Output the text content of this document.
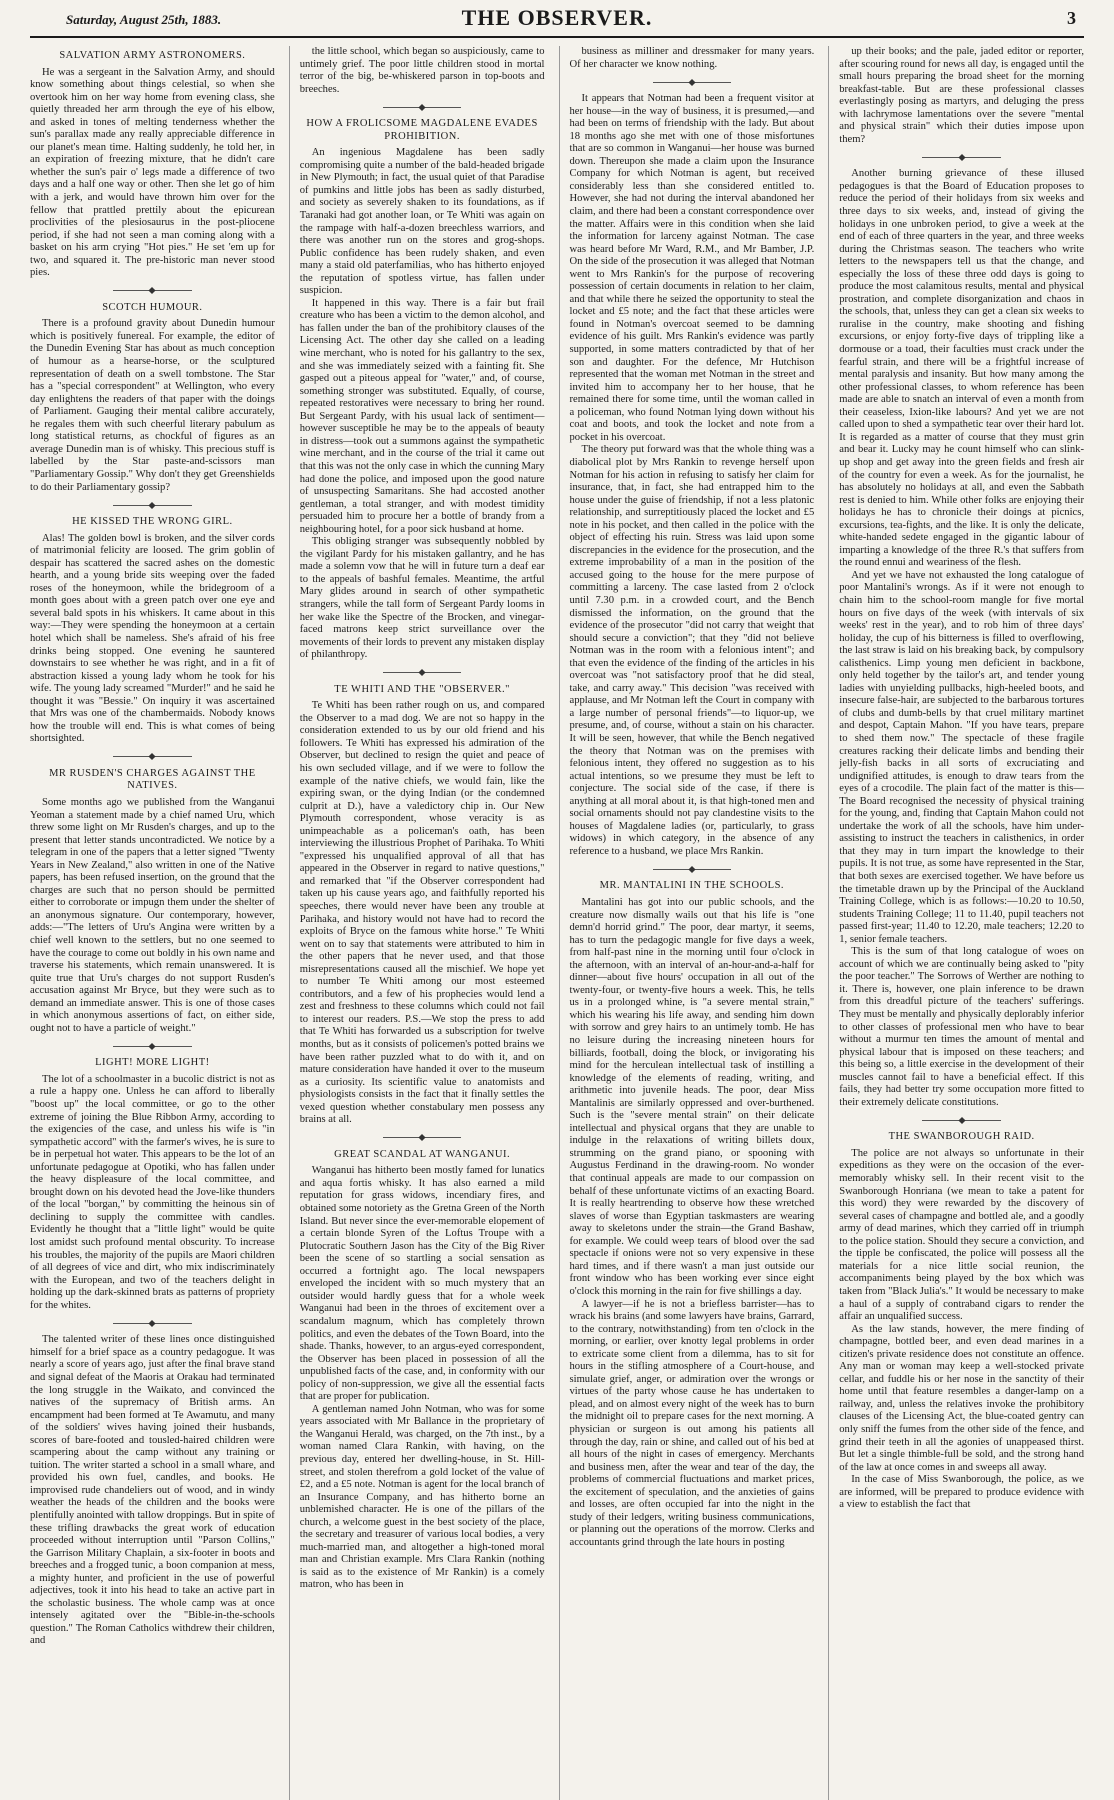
Saturday, August 25th, 1883.	THE OBSERVER.	3
SALVATION ARMY ASTRONOMERS.

He was a sergeant in the Salvation Army, and should know something about things celestial, so when she overtook him on her way home from evening class, she quietly threaded her arm through the eye of his elbow, and asked in tones of melting tenderness whether the sun's parallax made any really appreciable difference in our planet's mean time. Halting suddenly, he told her, in an expiration of freezing mixture, that he didn't care whether the sun's pair o' legs made a difference of two days and a half one way or other. Then she let go of him with a jerk, and would have thrown him over for the fellow that prattled prettily about the epicurean proclivities of the plesiosaurus in the post-pliocene period, if she had not seen a man coming along with a basket on his arm crying "Hot pies." He set 'em up for two, and squared it. The pre-historic man never stood pies.

SCOTCH HUMOUR.

There is a profound gravity about Dunedin humour which is positively funereal. For example, the editor of the Dunedin Evening Star has about as much conception of humour as a hearse-horse, or the sculptured representation of death on a swell tombstone. The Star has a "special correspondent" at Wellington, who every day enlightens the readers of that paper with the doings of Parliament. Gauging their mental calibre accurately, he regales them with such cheerful literary pabulum as long statistical returns, as chockful of figures as an average Dunedin man is of whisky. This precious stuff is labelled by the Star paste-and-scissors man "Parliamentary Gossip." Why don't they get Greenshields to do their Parliamentary gossip?

HE KISSED THE WRONG GIRL.

Alas! The golden bowl is broken, and the silver cords of matrimonial felicity are loosed. The grim goblin of despair has scattered the sacred ashes on the domestic hearth, and a young bride sits weeping over the faded roses of the honeymoon, while the bridegroom of a month goes about with a green patch over one eye and several bald spots in his whiskers. It came about in this way:—They were spending the honeymoon at a certain hotel which shall be nameless. She's afraid of his free drinks being stopped. One evening he sauntered downstairs to see whether he was right, and in a fit of abstraction kissed a young lady whom he took for his wife. The young lady screamed "Murder!" and he said he thought it was "Bessie." On inquiry it was ascertained that Mrs was one of the chambermaids. Nobody knows how the trouble will end. This is what comes of being shortsighted.

MR RUSDEN'S CHARGES AGAINST THE NATIVES.

Some months ago we published from the Wanganui Yeoman a statement made by a chief named Uru, which threw some light on Mr Rusden's charges, and up to the present that letter stands uncontradicted. We notice by a telegram in one of the papers that a letter signed "Twenty Years in New Zealand," also written in one of the Native papers, has been refused insertion, on the ground that the charges are such that no person should be permitted either to corroborate or impugn them under the shelter of an anonymous signature. Our contemporary, however, adds:—"The letters of Uru's Angina were written by a chief well known to the settlers, but no one seemed to have the courage to come out boldly in his own name and traverse his statements, which remain unanswered. It is quite true that Uru's charges do not support Rusden's accusation against Mr Bryce, but they were such as to demand an immediate answer. This is one of those cases in which anonymous assertions of fact, on either side, ought not to have a particle of weight."

LIGHT! MORE LIGHT!

The lot of a schoolmaster in a bucolic district is not as a rule a happy one. Unless he can afford to liberally "boost up" the local committee, or go to the other extreme of joining the Blue Ribbon Army, according to the exigencies of the case, and unless his wife is "in sympathetic accord" with the farmer's wives, he is sure to be in perpetual hot water. This appears to be the lot of an unfortunate pedagogue at Opotiki, who has fallen under the heavy displeasure of the local committee, and brought down on his devoted head the Jove-like thunders of the local "borgan," by committing the heinous sin of declining to supply the committee with candles. Evidently he thought that a "little light" would be quite lost amidst such profound mental obscurity. To increase his troubles, the majority of the pupils are Maori children of all degrees of vice and dirt, who mix indiscriminately with the European, and two of the teachers delight in holding up the dark-skinned brats as patterns of propriety for the whites.

The talented writer of these lines once distinguished himself for a brief space as a country pedagogue. It was nearly a score of years ago, just after the final brave stand and signal defeat of the Maoris at Orakau had terminated the long struggle in the Waikato, and convinced the natives of the supremacy of British arms. An encampment had been formed at Te Awamutu, and many of the soldiers' wives having joined their husbands, scores of bare-footed and tousled-haired children were scampering about the camp without any training or tuition. The writer started a school in a small whare, and provided his own fuel, candles, and books. He improvised rude chandeliers out of wood, and in windy weather the heads of the children and the books were plentifully anointed with tallow droppings. But in spite of these trifling drawbacks the great work of education proceeded without interruption until "Parson Collins," the Garrison Military Chaplain, a six-footer in boots and breeches and a frogged tunic, a boon companion at mess, a mighty hunter, and proficient in the use of powerful adjectives, took it into his head to take an active part in the scholastic business. The whole camp was at once intensely agitated over the "Bible-in-the-schools question." The Roman Catholics withdrew their children, and

the little school, which began so auspiciously, came to untimely grief. The poor little children stood in mortal terror of the big, be-whiskered parson in top-boots and breeches.

HOW A FROLICSOME MAGDALENE EVADES PROHIBITION.

An ingenious Magdalene has been sadly compromising quite a number of the bald-headed brigade in New Plymouth; in fact, the usual quiet of that Paradise of pumkins and little jobs has been as sadly disturbed, and society as severely shaken to its foundations, as if Taranaki had got another loan, or Te Whiti was again on the rampage with half-a-dozen breechless warriors, and there was another run on the stores and grog-shops. Public confidence has been rudely shaken, and even many a staid old paterfamilias, who has hitherto enjoyed the reputation of spotless virtue, has fallen under suspicion.

It happened in this way. There is a fair but frail creature who has been a victim to the demon alcohol, and has fallen under the ban of the prohibitory clauses of the Licensing Act. The other day she called on a leading wine merchant, who is noted for his gallantry to the sex, and she was immediately seized with a fainting fit. She gasped out a piteous appeal for "water," and, of course, something stronger was substituted. Equally, of course, repeated restoratives were necessary to bring her round. But Sergeant Pardy, with his usual lack of sentiment—however susceptible he may be to the appeals of beauty in distress—took out a summons against the sympathetic wine merchant, and in the course of the trial it came out that this was not the only case in which the cunning Mary had done the police, and imposed upon the good nature of unsuspecting Samaritans. She had accosted another gentleman, a total stranger, and with modest timidity persuaded him to procure her a bottle of brandy from a neighbouring hotel, for a poor sick husband at home.

This obliging stranger was subsequently nobbled by the vigilant Pardy for his mistaken gallantry, and he has made a solemn vow that he will in future turn a deaf ear to the appeals of bashful females. Meantime, the artful Mary glides around in search of other sympathetic strangers, while the tall form of Sergeant Pardy looms in her wake like the Spectre of the Brocken, and vinegar-faced matrons keep strict surveillance over the movements of their lords to prevent any mistaken display of philanthropy.

TE WHITI AND THE "OBSERVER."

Te Whiti has been rather rough on us, and compared the Observer to a mad dog. We are not so happy in the consideration extended to us by our old friend and his followers. Te Whiti has expressed his admiration of the Observer, but declined to resign the quiet and peace of his own secluded village, and if we were to follow the example of the native chiefs, we would fain, like the expiring swan, or the dying Indian (or the condemned culprit at D.), have a valedictory chip in. Our New Plymouth correspondent, whose veracity is as unimpeachable as a policeman's oath, has been interviewing the illustrious Prophet of Parihaka. To Whiti "expressed his unqualified approval of all that has appeared in the Observer in regard to native questions," and remarked that "if the Observer correspondent had taken up his cause years ago, and faithfully reported his speeches, there would never have been any trouble at Parihaka, and history would not have had to record the exploits of Bryce on the famous white horse." Te Whiti went on to say that statements were attributed to him in the other papers that he never used, and that those misrepresentations caused all the mischief. We hope yet to number Te Whiti among our most esteemed contributors, and a few of his prophecies would lend a zest and freshness to these columns which could not fail to interest our readers. P.S.—We stop the press to add that Te Whiti has forwarded us a subscription for twelve months, but as it consists of policemen's potted brains we have been rather puzzled what to do with it, and on mature consideration have handed it over to the museum as a curiosity. Its scientific value to anatomists and physiologists consists in the fact that it finally settles the vexed question whether constabulary men possess any brains at all.

GREAT SCANDAL AT WANGANUI.

Wanganui has hitherto been mostly famed for lunatics and aqua fortis whisky. It has also earned a mild reputation for grass widows, incendiary fires, and obtained some notoriety as the Gretna Green of the North Island. But never since the ever-memorable elopement of a certain blonde Syren of the Loftus Troupe with a Plutocratic Southern Jason has the City of the Big River been the scene of so startling a social sensation as occurred a fortnight ago. The local newspapers enveloped the incident with so much mystery that an outsider would hardly guess that for a whole week Wanganui had been in the throes of excitement over a scandalum magnum, which has completely thrown politics, and even the debates of the Town Board, into the shade. Thanks, however, to an argus-eyed correspondent, the Observer has been placed in possession of all the unpublished facts of the case, and, in conformity with our policy of non-suppression, we give all the essential facts that are proper for publication.

A gentleman named John Notman, who was for some years associated with Mr Ballance in the proprietary of the Wanganui Herald, was charged, on the 7th inst., by a woman named Clara Rankin, with having, on the previous day, entered her dwelling-house, in St. Hill-street, and stolen therefrom a gold locket of the value of £2, and a £5 note. Notman is agent for the local branch of an Insurance Company, and has hitherto borne an unblemished character. He is one of the pillars of the church, a welcome guest in the best society of the place, the secretary and treasurer of various local bodies, a very much-married man, and altogether a high-toned moral man and Christian example. Mrs Clara Rankin (nothing is said as to the existence of Mr Rankin) is a comely matron, who has been in

business as milliner and dressmaker for many years. Of her character we know nothing.

It appears that Notman had been a frequent visitor at her house—in the way of business, it is presumed,—and had been on terms of friendship with the lady. But about 18 months ago she met with one of those misfortunes that are so common in Wanganui—her house was burned down. Thereupon she made a claim upon the Insurance Company for which Notman is agent, but received considerably less than she considered entitled to. However, she had not during the interval abandoned her claim, and there had been a constant correspondence over the matter. Affairs were in this condition when she laid the information for larceny against Notman. The case was heard before Mr Ward, R.M., and Mr Bamber, J.P. On the side of the prosecution it was alleged that Notman went to Mrs Rankin's for the purpose of recovering possession of certain documents in relation to her claim, and that while there he seized the opportunity to steal the locket and £5 note; and the fact that these articles were found in Notman's overcoat seemed to be damning evidence of his guilt. Mrs Rankin's evidence was partly supported, in some matters contradicted by that of her son and daughter. For the defence, Mr Hutchison represented that the woman met Notman in the street and invited him to accompany her to her house, that he remained there for some time, until the woman called in a policeman, who found Notman lying down without his coat and boots, and took the locket and note from a pocket in his overcoat.

The theory put forward was that the whole thing was a diabolical plot by Mrs Rankin to revenge herself upon Notman for his action in refusing to satisfy her claim for insurance, that, in fact, she had entrapped him to the house under the guise of friendship, if not a less platonic relationship, and surreptitiously placed the locket and £5 note in his pocket, and then called in the police with the object of effecting his ruin. Stress was laid upon some discrepancies in the evidence for the prosecution, and the extreme improbability of a man in the position of the accused going to the house for the mere purpose of committing a larceny. The case lasted from 2 o'clock until 7.30 p.m. in a crowded court, and the Bench dismissed the information, on the ground that the evidence of the prosecutor "did not carry that weight that should secure a conviction"; that they "did not believe Notman was in the room with a felonious intent"; and that even the evidence of the finding of the articles in his overcoat was "not satisfactory proof that he did steal, take, and carry away." This decision "was received with applause, and Mr Notman left the Court in company with a large number of personal friends"—to liquor-up, we presume, and, of course, without a stain on his character. It will be seen, however, that while the Bench negatived the theory that Notman was on the premises with felonious intent, they offered no suggestion as to his actual intentions, so we presume they must be left to conjecture. The social side of the case, if there is anything at all moral about it, is that high-toned men and social ornaments should not pay clandestine visits to the houses of Magdalene ladies (or, particularly, to grass widows) in which category, in the absence of any reference to a husband, we place Mrs Rankin.

MR. MANTALINI IN THE SCHOOLS.

Mantalini has got into our public schools, and the creature now dismally wails out that his life is "one demn'd horrid grind." The poor, dear martyr, it seems, has to turn the pedagogic mangle for five days a week, from half-past nine in the morning until four o'clock in the afternoon, with an interval of an-hour-and-a-half for dinner—about five hours' occupation in all out of the twenty-four, or twenty-five hours a week. This, he tells us in a prolonged whine, is "a severe mental strain," which his wearing his life away, and sending him down with sorrow and grey hairs to an untimely tomb. He has no leisure during the increasing nineteen hours for billiards, football, doing the block, or invigorating his mind for the herculean intellectual task of instilling a knowledge of the elements of reading, writing, and arithmetic into juvenile heads. The poor, dear Miss Mantalinis are similarly oppressed and over-burthened. Such is the "severe mental strain" on their delicate intellectual and physical organs that they are unable to indulge in the relaxations of writing billets doux, strumming on the grand piano, or spooning with Augustus Ferdinand in the drawing-room. No wonder that continual appeals are made to our compassion on behalf of these unfortunate victims of an exacting Board. It is really heartrending to observe how these wretched slaves of worse than Egyptian taskmasters are wearing away to skeletons under the strain—the Grand Bashaw, for example. We could weep tears of blood over the sad spectacle if onions were not so very expensive in these hard times, and if there wasn't a man just outside our front window who has been working ever since eight o'clock this morning in the rain for five shillings a day.

A lawyer—if he is not a briefless barrister—has to wrack his brains (and some lawyers have brains, Garrard, to the contrary, notwithstanding) from ten o'clock in the morning, or earlier, over knotty legal problems in order to extricate some client from a dilemma, has to sit for hours in the stifling atmosphere of a Court-house, and simulate grief, anger, or admiration over the wrongs or virtues of the party whose cause he has undertaken to plead, and on almost every night of the week has to burn the midnight oil to prepare cases for the next morning. A physician or surgeon is out among his patients all through the day, rain or shine, and called out of his bed at all hours of the night in cases of emergency. Merchants and business men, after the wear and tear of the day, the problems of commercial fluctuations and market prices, the excitement of speculation, and the anxieties of gains and losses, are often occupied far into the night in the study of their ledgers, writing business communications, or planning out the operations of the morrow. Clerks and accountants grind through the late hours in posting

up their books; and the pale, jaded editor or reporter, after scouring round for news all day, is engaged until the small hours preparing the broad sheet for the morning breakfast-table. But are these professional classes everlastingly posing as martyrs, and deluging the press with lachrymose lamentations over the severe "mental and physical strain" which their duties impose upon them?

Another burning grievance of these illused pedagogues is that the Board of Education proposes to reduce the period of their holidays from six weeks and three days to six weeks, and, instead of giving the holidays in one unbroken period, to give a week at the end of each of three quarters in the year, and three weeks during the Christmas season. The teachers who write letters to the newspapers tell us that the change, and especially the loss of these three odd days is going to produce the most calamitous results, mental and physical prostration, and complete disorganization and chaos in the schools, that, unless they can get a clean six weeks to ruralise in the country, make shooting and fishing excursions, or enjoy forty-five days of trippling like a dormouse or a toad, their faculties must crack under the fearful strain, and there will be a frightful increase of mental paralysis and insanity. But how many among the other professional classes, to whom reference has been made are able to snatch an interval of even a month from their ceaseless, Ixion-like labours? And yet we are not called upon to shed a sympathetic tear over their hard lot. It is regarded as a matter of course that they must grin and bear it. Lucky may he count himself who can slink-up shop and get away into the green fields and fresh air of the country for even a week. As for the journalist, he has absolutely no holidays at all, and even the Sabbath rest is denied to him. While other folks are enjoying their holidays he has to chronicle their doings at picnics, excursions, tea-fights, and the like. It is only the delicate, white-handed sedete engaged in the gigantic labour of imparting a knowledge of the three R.'s that suffers from the round ennui and weariness of the flesh.

And yet we have not exhausted the long catalogue of poor Mantalini's wrongs. As if it were not enough to chain him to the school-room mangle for five mortal hours on five days of the week (with intervals of six weeks' rest in the year), and to rob him of three days' holiday, the cup of his bitterness is filled to overflowing, the last straw is laid on his breaking back, by compulsory calisthenics. Limp young men deficient in backbone, only held together by the tailor's art, and tender young ladies with unyielding pullbacks, high-heeled boots, and insecure false-hair, are subjected to the barbarous tortures of clubs and dumb-bells by that cruel military martinet and despot, Captain Mahon. "If you have tears, prepare to shed them now." The spectacle of these fragile creatures racking their delicate limbs and bending their jelly-fish backs in all sorts of excruciating and undignified attitudes, is enough to draw tears from the eyes of a crocodile. The plain fact of the matter is this—The Board recognised the necessity of physical training for the young, and, finding that Captain Mahon could not undertake the work of all the schools, have him under-assisting to instruct the teachers in calisthenics, in order that they may in turn impart the knowledge to their pupils. It is not true, as some have represented in the Star, that both sexes are exercised together. We have before us the timetable drawn up by the Principal of the Auckland Training College, which is as follows:—10.20 to 10.50, students Training College; 11 to 11.40, pupil teachers not passed first-year; 11.40 to 12.20, male teachers; 12.20 to 1, senior female teachers.

This is the sum of that long catalogue of woes on account of which we are continually being asked to "pity the poor teacher." The Sorrows of Werther are nothing to it. There is, however, one plain inference to be drawn from this dreadful picture of the teachers' sufferings. They must be mentally and physically deplorably inferior to other classes of professional men who have to bear without a murmur ten times the amount of mental and physical labour that is imposed on these teachers; and this being so, a little exercise in the development of their muscles cannot fail to have a beneficial effect. If this fails, they had better try some occupation more fitted to their extremely delicate constitutions.

THE SWANBOROUGH RAID.

The police are not always so unfortunate in their expeditions as they were on the occasion of the ever-memorably whisky sell. In their recent visit to the Swanborough Honriana (we mean to take a patent for this word) they were rewarded by the discovery of several cases of champagne and bottled ale, and a goodly army of dead marines, which they carried off in triumph to the police station. Should they secure a conviction, and the tipple be confiscated, the police will possess all the materials for a nice little social reunion, the accompaniments being played by the box which was taken from "Black Julia's." It would be necessary to make a haul of a supply of contraband cigars to render the affair an unqualified success.

As the law stands, however, the mere finding of champagne, bottled beer, and even dead marines in a citizen's private residence does not constitute an offence. Any man or woman may keep a well-stocked private cellar, and fuddle his or her nose in the sanctity of their home until that feature resembles a danger-lamp on a railway, and, unless the relatives invoke the prohibitory clauses of the Licensing Act, the blue-coated gentry can only sniff the fumes from the other side of the fence, and grind their teeth in all the agonies of unappeased thirst. But let a single thimble-full be sold, and the strong hand of the law at once comes in and sweeps all away.

In the case of Miss Swanborough, the police, as we are informed, will be prepared to produce evidence with a view to establish the fact that
